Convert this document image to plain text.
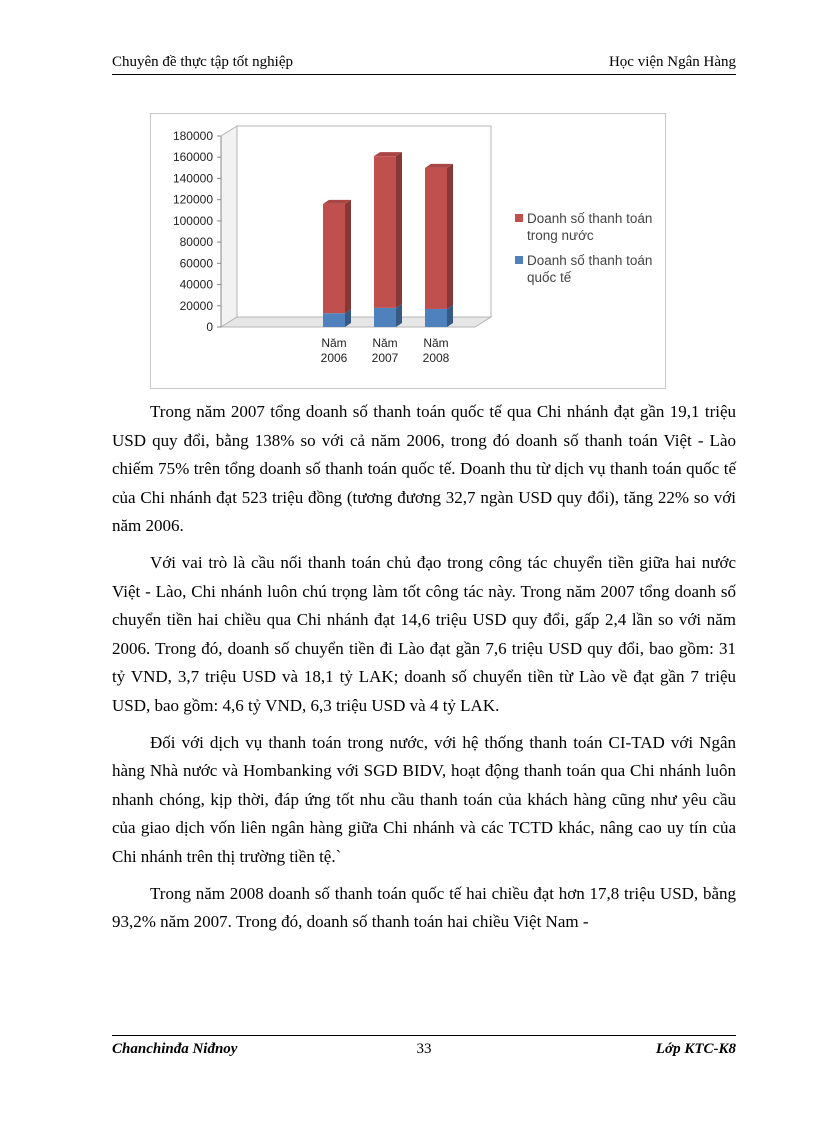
Chuyên đề thực tập tốt nghiệp	Học viện Ngân Hàng
0
20000
40000
60000
80000
100000
120000
140000
160000
180000
Năm
2006
Năm
2007
Năm
2008
Doanh số thanh toán
trong nước
Doanh số thanh toán
quốc tế

Trong năm 2007 tổng doanh số thanh toán quốc tế qua Chi nhánh đạt gần 19,1 triệu USD quy đổi, bằng 138% so với cả năm 2006, trong đó doanh số thanh toán Việt - Lào chiếm 75% trên tổng doanh số thanh toán quốc tế. Doanh thu từ dịch vụ thanh toán quốc tế của Chi nhánh đạt 523 triệu đồng (tương đương 32,7 ngàn USD quy đổi), tăng 22% so với năm 2006.

Với vai trò là cầu nối thanh toán chủ đạo trong công tác chuyển tiền giữa hai nước Việt - Lào, Chi nhánh luôn chú trọng làm tốt công tác này. Trong năm 2007 tổng doanh số chuyển tiền hai chiều qua Chi nhánh đạt 14,6 triệu USD quy đổi, gấp 2,4 lần so với năm 2006. Trong đó, doanh số chuyển tiền đi Lào đạt gần 7,6 triệu USD quy đổi, bao gồm: 31 tỷ VND, 3,7 triệu USD và 18,1 tỷ LAK; doanh số chuyển tiền từ Lào về đạt gần 7 triệu USD, bao gồm: 4,6 tỷ VND, 6,3 triệu USD và 4 tỷ LAK.

Đối với dịch vụ thanh toán trong nước, với hệ thống thanh toán CI-TAD với Ngân hàng Nhà nước và Hombanking với SGD BIDV, hoạt động thanh toán qua Chi nhánh luôn nhanh chóng, kịp thời, đáp ứng tốt nhu cầu thanh toán của khách hàng cũng như yêu cầu của giao dịch vốn liên ngân hàng giữa Chi nhánh và các TCTD khác, nâng cao uy tín của Chi nhánh trên thị trường tiền tệ.`

Trong năm 2008 doanh số thanh toán quốc tế hai chiều đạt hơn 17,8 triệu USD, bằng 93,2% năm 2007. Trong đó, doanh số thanh toán hai chiều Việt Nam -

Chanchinđa Niđnoy	33	Lớp KTC-K8
